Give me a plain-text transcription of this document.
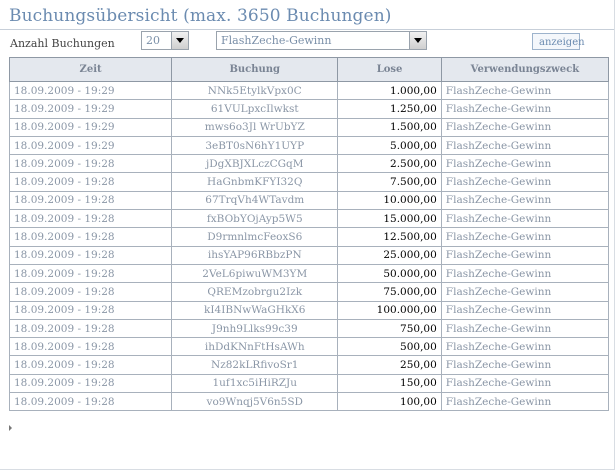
Buchungsübersicht (max. 3650 Buchungen)
Anzahl Buchungen	20	FlashZeche-Gewinn	anzeigen
Zeit	Buchung	Lose	Verwendungszweck
18.09.2009 - 19:29	NNk5EtylkVpx0C	1.000,00	FlashZeche-Gewinn
18.09.2009 - 19:29	61VULpxcIlwkst	1.250,00	FlashZeche-Gewinn
18.09.2009 - 19:29	mws6o3Jl WrUbYZ	1.500,00	FlashZeche-Gewinn
18.09.2009 - 19:29	3eBT0sN6hY1UYP	5.000,00	FlashZeche-Gewinn
18.09.2009 - 19:28	jDgXBJXLczCGqM	2.500,00	FlashZeche-Gewinn
18.09.2009 - 19:28	HaGnbmKFYI32Q	7.500,00	FlashZeche-Gewinn
18.09.2009 - 19:28	67TrqVh4WTavdm	10.000,00	FlashZeche-Gewinn
18.09.2009 - 19:28	fxBObYOjAyp5W5	15.000,00	FlashZeche-Gewinn
18.09.2009 - 19:28	D9rmnlmcFeoxS6	12.500,00	FlashZeche-Gewinn
18.09.2009 - 19:28	ihsYAP96RBbzPN	25.000,00	FlashZeche-Gewinn
18.09.2009 - 19:28	2VeL6piwuWM3YM	50.000,00	FlashZeche-Gewinn
18.09.2009 - 19:28	QREMzobrgu2Izk	75.000,00	FlashZeche-Gewinn
18.09.2009 - 19:28	kI4IBNwWaGHkX6	100.000,00	FlashZeche-Gewinn
18.09.2009 - 19:28	J9nh9Llks99c39	750,00	FlashZeche-Gewinn
18.09.2009 - 19:28	ihDdKNnFtHsAWh	500,00	FlashZeche-Gewinn
18.09.2009 - 19:28	Nz82kLRfivoSr1	250,00	FlashZeche-Gewinn
18.09.2009 - 19:28	1uf1xc5iHiRZJu	150,00	FlashZeche-Gewinn
18.09.2009 - 19:28	vo9Wnqj5V6n5SD	100,00	FlashZeche-Gewinn
